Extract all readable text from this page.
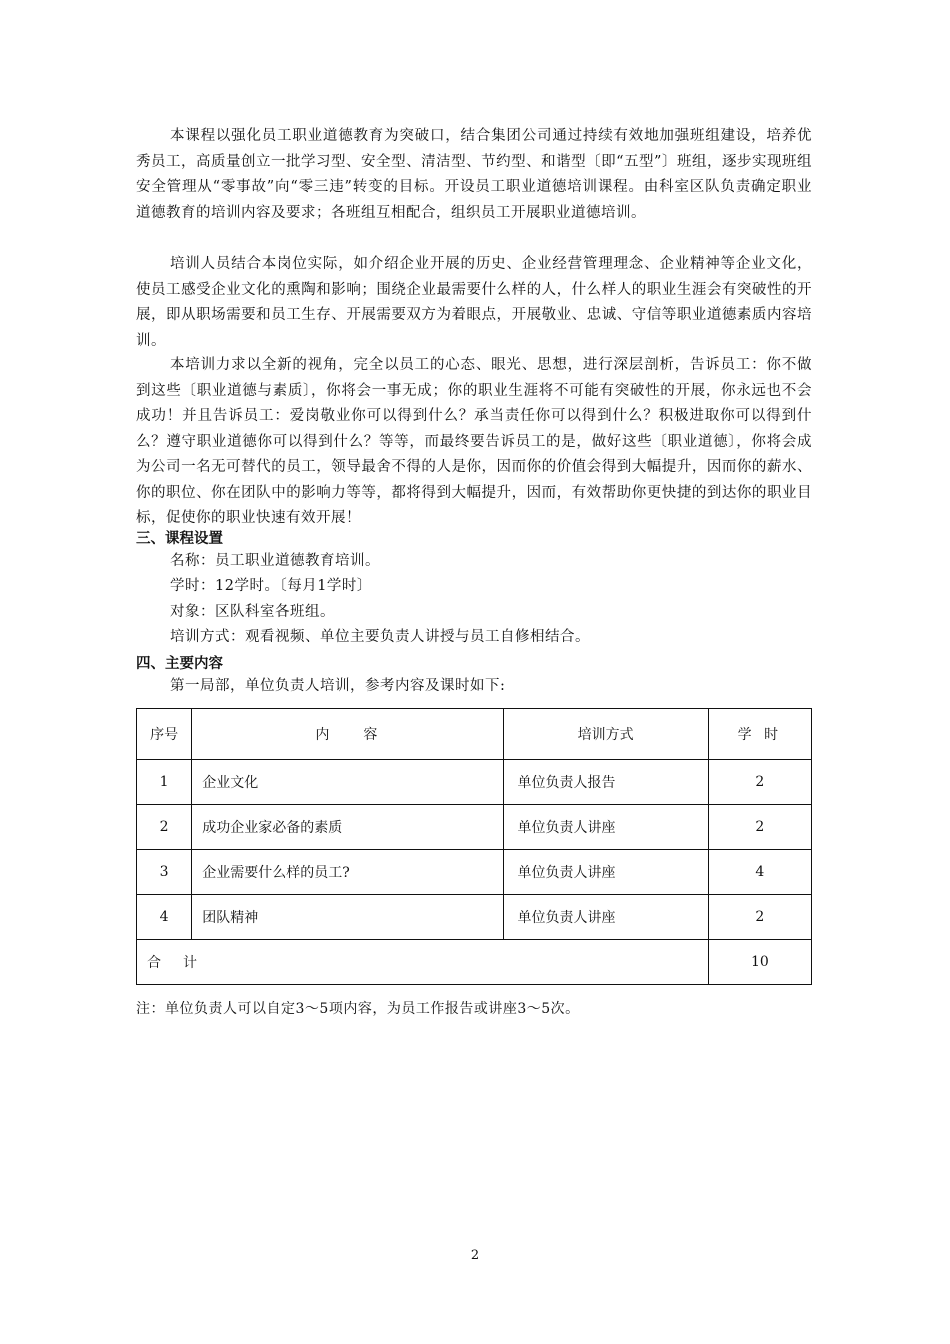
本课程以强化员工职业道德教育为突破口，结合集团公司通过持续有效地加强班组建设，培养优秀员工，高质量创立一批学习型、安全型、清洁型、节约型、和谐型〔即“五型”〕班组，逐步实现班组安全管理从“零事故”向“零三违”转变的目标。开设员工职业道德培训课程。由科室区队负责确定职业道德教育的培训内容及要求；各班组互相配合，组织员工开展职业道德培训。

培训人员结合本岗位实际，如介绍企业开展的历史、企业经营管理理念、企业精神等企业文化，使员工感受企业文化的熏陶和影响；围绕企业最需要什么样的人，什么样人的职业生涯会有突破性的开展，即从职场需要和员工生存、开展需要双方为着眼点，开展敬业、忠诚、守信等职业道德素质内容培训。

本培训力求以全新的视角，完全以员工的心态、眼光、思想，进行深层剖析，告诉员工：你不做到这些〔职业道德与素质〕，你将会一事无成；你的职业生涯将不可能有突破性的开展，你永远也不会成功！并且告诉员工：爱岗敬业你可以得到什么？承当责任你可以得到什么？积极进取你可以得到什么？遵守职业道德你可以得到什么？等等，而最终要告诉员工的是，做好这些〔职业道德〕，你将会成为公司一名无可替代的员工，领导最舍不得的人是你，因而你的价值会得到大幅提升，因而你的薪水、你的职位、你在团队中的影响力等等，都将得到大幅提升，因而，有效帮助你更快捷的到达你的职业目标，促使你的职业快速有效开展！

三、课程设置

名称：员工职业道德教育培训。

学时：12学时。〔每月1学时〕

对象：区队科室各班组。

培训方式：观看视频、单位主要负责人讲授与员工自修相结合。

四、主要内容

第一局部，单位负责人培训，参考内容及课时如下:

序号	内　　容	培训方式	学 时
1	企业文化	单位负责人报告	2
2	成功企业家必备的素质	单位负责人讲座	2
3	企业需要什么样的员工?	单位负责人讲座	4
4	团队精神	单位负责人讲座	2
合计			10

注：单位负责人可以自定3～5项内容，为员工作报告或讲座3～5次。

2
